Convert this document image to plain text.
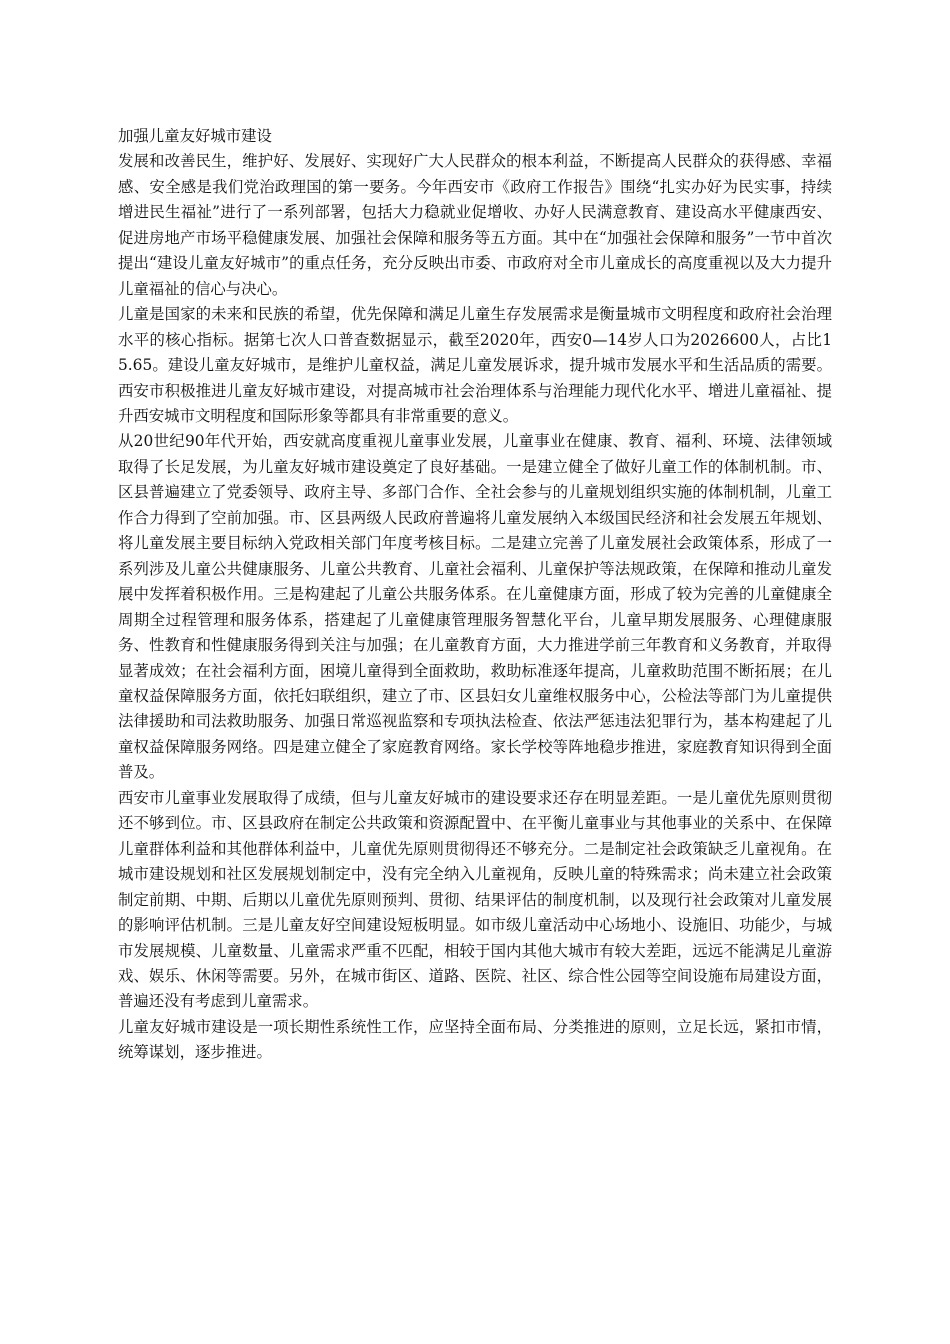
加强儿童友好城市建设

发展和改善民生，维护好、发展好、实现好广大人民群众的根本利益，不断提高人民群众的获得感、幸福感、安全感是我们党治政理国的第一要务。今年西安市《政府工作报告》围绕“扎实办好为民实事，持续增进民生福祉”进行了一系列部署，包括大力稳就业促增收、办好人民满意教育、建设高水平健康西安、促进房地产市场平稳健康发展、加强社会保障和服务等五方面。其中在“加强社会保障和服务”一节中首次提出“建设儿童友好城市”的重点任务，充分反映出市委、市政府对全市儿童成长的高度重视以及大力提升儿童福祉的信心与决心。

儿童是国家的未来和民族的希望，优先保障和满足儿童生存发展需求是衡量城市文明程度和政府社会治理水平的核心指标。据第七次人口普查数据显示，截至2020年，西安0—14岁人口为2026600人，占比15.65。建设儿童友好城市，是维护儿童权益，满足儿童发展诉求，提升城市发展水平和生活品质的需要。西安市积极推进儿童友好城市建设，对提高城市社会治理体系与治理能力现代化水平、增进儿童福祉、提升西安城市文明程度和国际形象等都具有非常重要的意义。

从20世纪90年代开始，西安就高度重视儿童事业发展，儿童事业在健康、教育、福利、环境、法律领域取得了长足发展，为儿童友好城市建设奠定了良好基础。一是建立健全了做好儿童工作的体制机制。市、区县普遍建立了党委领导、政府主导、多部门合作、全社会参与的儿童规划组织实施的体制机制，儿童工作合力得到了空前加强。市、区县两级人民政府普遍将儿童发展纳入本级国民经济和社会发展五年规划、将儿童发展主要目标纳入党政相关部门年度考核目标。二是建立完善了儿童发展社会政策体系，形成了一系列涉及儿童公共健康服务、儿童公共教育、儿童社会福利、儿童保护等法规政策，在保障和推动儿童发展中发挥着积极作用。三是构建起了儿童公共服务体系。在儿童健康方面，形成了较为完善的儿童健康全周期全过程管理和服务体系，搭建起了儿童健康管理服务智慧化平台，儿童早期发展服务、心理健康服务、性教育和性健康服务得到关注与加强；在儿童教育方面，大力推进学前三年教育和义务教育，并取得显著成效；在社会福利方面，困境儿童得到全面救助，救助标准逐年提高，儿童救助范围不断拓展；在儿童权益保障服务方面，依托妇联组织，建立了市、区县妇女儿童维权服务中心，公检法等部门为儿童提供法律援助和司法救助服务、加强日常巡视监察和专项执法检查、依法严惩违法犯罪行为，基本构建起了儿童权益保障服务网络。四是建立健全了家庭教育网络。家长学校等阵地稳步推进，家庭教育知识得到全面普及。

西安市儿童事业发展取得了成绩，但与儿童友好城市的建设要求还存在明显差距。一是儿童优先原则贯彻还不够到位。市、区县政府在制定公共政策和资源配置中、在平衡儿童事业与其他事业的关系中、在保障儿童群体利益和其他群体利益中，儿童优先原则贯彻得还不够充分。二是制定社会政策缺乏儿童视角。在城市建设规划和社区发展规划制定中，没有完全纳入儿童视角，反映儿童的特殊需求；尚未建立社会政策制定前期、中期、后期以儿童优先原则预判、贯彻、结果评估的制度机制，以及现行社会政策对儿童发展的影响评估机制。三是儿童友好空间建设短板明显。如市级儿童活动中心场地小、设施旧、功能少，与城市发展规模、儿童数量、儿童需求严重不匹配，相较于国内其他大城市有较大差距，远远不能满足儿童游戏、娱乐、休闲等需要。另外，在城市街区、道路、医院、社区、综合性公园等空间设施布局建设方面，普遍还没有考虑到儿童需求。

儿童友好城市建设是一项长期性系统性工作，应坚持全面布局、分类推进的原则，立足长远，紧扣市情，统筹谋划，逐步推进。
